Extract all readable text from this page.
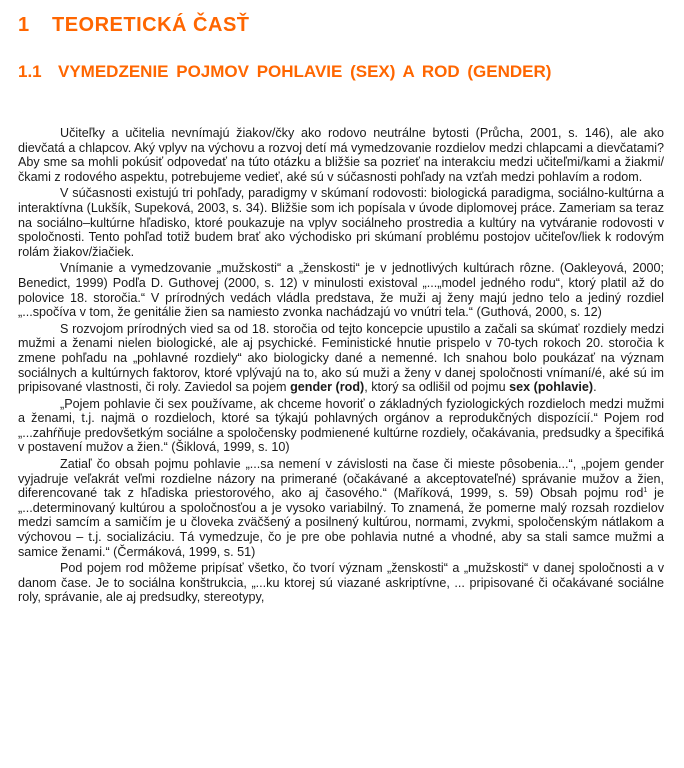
1 TEORETICKÁ ČASŤ
1.1 VYMEDZENIE POJMOV POHLAVIE (SEX) A ROD (GENDER)

Učiteľky a učitelia nevnímajú žiakov/čky ako rodovo neutrálne bytosti (Průcha, 2001, s. 146), ale ako dievčatá a chlapcov. Aký vplyv na výchovu a rozvoj detí má vymedzovanie rozdielov medzi chlapcami a dievčatami? Aby sme sa mohli pokúsiť odpovedať na túto otázku a bližšie sa pozrieť na interakciu medzi učiteľmi/kami a žiakmi/čkami z rodového aspektu, potrebujeme vedieť, aké sú v súčasnosti pohľady na vzťah medzi pohlavím a rodom.

V súčasnosti existujú tri pohľady, paradigmy v skúmaní rodovosti: biologická paradigma, sociálno-kultúrna a interaktívna (Lukšík, Supeková, 2003, s. 34). Bližšie som ich popísala v úvode diplomovej práce. Zameriam sa teraz na sociálno–kultúrne hľadisko, ktoré poukazuje na vplyv sociálneho prostredia a kultúry na vytváranie rodovosti v spoločnosti. Tento pohľad totiž budem brať ako východisko pri skúmaní problému postojov učiteľov/liek k rodovým rolám žiakov/žiačiek.

Vnímanie a vymedzovanie „mužskosti“ a „ženskosti“ je v jednotlivých kultúrach rôzne. (Oakleyová, 2000; Benedict, 1999) Podľa D. Guthovej (2000, s. 12) v minulosti existoval „...„model jedného rodu“, ktorý platil až do polovice 18. storočia.“ V prírodných vedách vládla predstava, že muži aj ženy majú jedno telo a jediný rozdiel „...spočíva v tom, že genitálie žien sa namiesto zvonka nachádzajú vo vnútri tela.“ (Guthová, 2000, s. 12)

S rozvojom prírodných vied sa od 18. storočia od tejto koncepcie upustilo a začali sa skúmať rozdiely medzi mužmi a ženami nielen biologické, ale aj psychické. Feministické hnutie prispelo v 70-tych rokoch 20. storočia k zmene pohľadu na „pohlavné rozdiely“ ako biologicky dané a nemenné. Ich snahou bolo poukázať na význam sociálnych a kultúrnych faktorov, ktoré vplývajú na to, ako sú muži a ženy v danej spoločnosti vnímaní/é, aké sú im pripisované vlastnosti, či roly. Zaviedol sa pojem gender (rod), ktorý sa odlišil od pojmu sex (pohlavie).

„Pojem pohlavie či sex používame, ak chceme hovoriť o základných fyziologických rozdieloch medzi mužmi a ženami, t.j. najmä o rozdieloch, ktoré sa týkajú pohlavných orgánov a reprodukčných dispozícií.“ Pojem rod „...zahŕňuje predovšetkým sociálne a spoločensky podmienené kultúrne rozdiely, očakávania, predsudky a špecifiká v postavení mužov a žien.“ (Šiklová, 1999, s. 10)

Zatiaľ čo obsah pojmu pohlavie „...sa nemení v závislosti na čase či mieste pôsobenia...“, „pojem gender vyjadruje veľakrát veľmi rozdielne názory na primerané (očakávané a akceptovateľné) správanie mužov a žien, diferencované tak z hľadiska priestorového, ako aj časového.“ (Maříková, 1999, s. 59) Obsah pojmu rod$^1$ je „...determinovaný kultúrou a spoločnosťou a je vysoko variabilný. To znamená, že pomerne malý rozsah rozdielov medzi samcím a samičím je u človeka zväčšený a posilnený kultúrou, normami, zvykmi, spoločenským nátlakom a výchovou – t.j. socializáciu. Tá vymedzuje, čo je pre obe pohlavia nutné a vhodné, aby sa stali samce mužmi a samice ženami.“ (Čermáková, 1999, s. 51)

Pod pojem rod môžeme pripísať všetko, čo tvorí význam „ženskosti“ a „mužskosti“ v danej spoločnosti a v danom čase. Je to sociálna konštrukcia, „...ku ktorej sú viazané askriptívne, ... pripisované či očakávané sociálne roly, správanie, ale aj predsudky, stereotypy,
